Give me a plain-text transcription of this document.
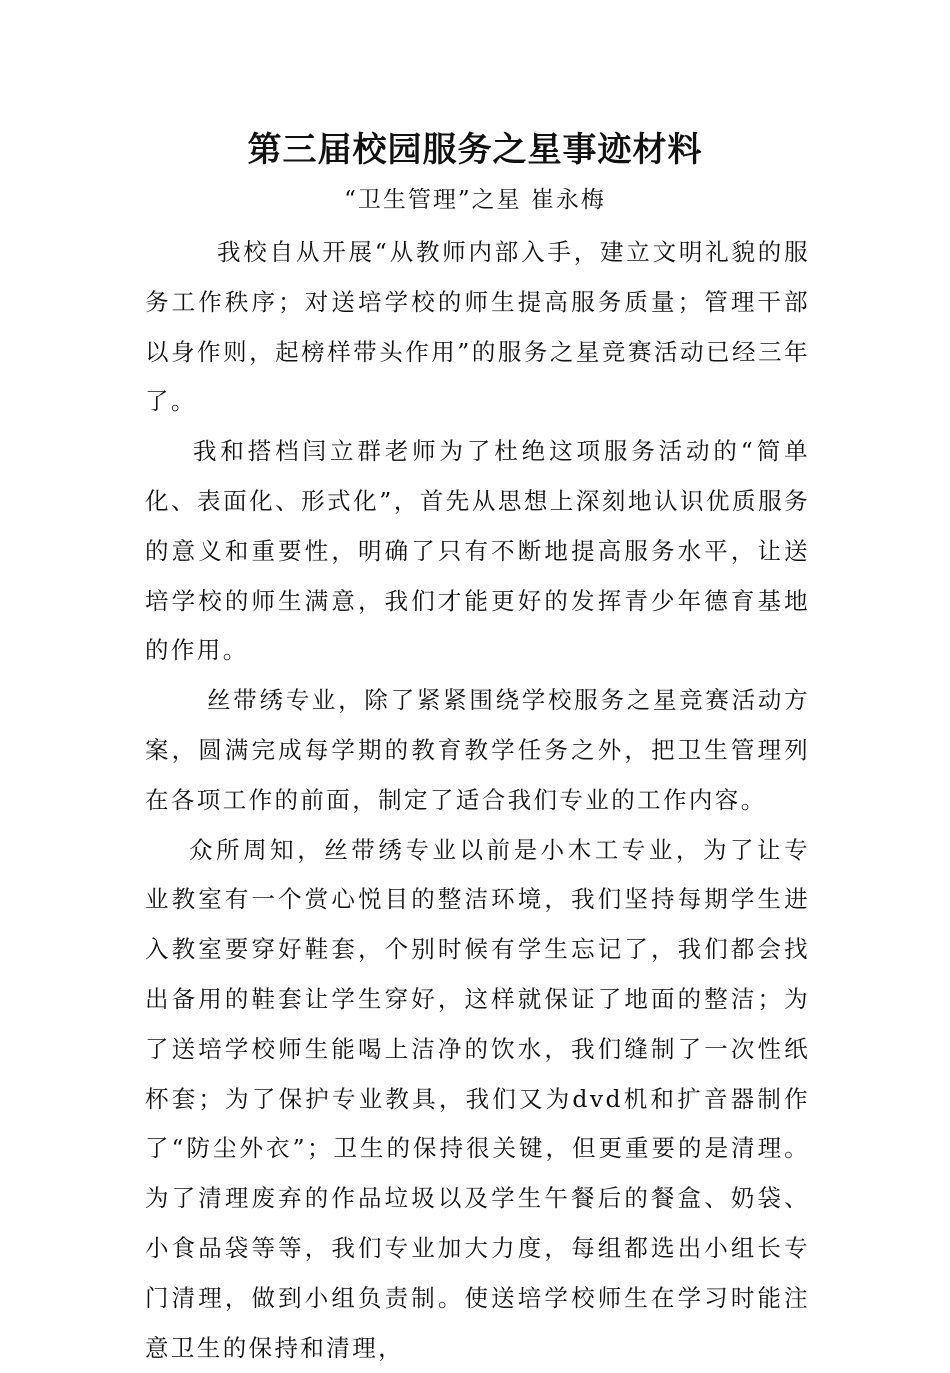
第三届校园服务之星事迹材料
“卫生管理”之星 崔永梅

我校自从开展“从教师内部入手，建立文明礼貌的服务工作秩序；对送培学校的师生提高服务质量；管理干部以身作则，起榜样带头作用”的服务之星竞赛活动已经三年了。

我和搭档闫立群老师为了杜绝这项服务活动的“简单化、表面化、形式化”，首先从思想上深刻地认识优质服务的意义和重要性，明确了只有不断地提高服务水平，让送培学校的师生满意，我们才能更好的发挥青少年德育基地的作用。

丝带绣专业，除了紧紧围绕学校服务之星竞赛活动方案，圆满完成每学期的教育教学任务之外，把卫生管理列在各项工作的前面，制定了适合我们专业的工作内容。

众所周知，丝带绣专业以前是小木工专业，为了让专业教室有一个赏心悦目的整洁环境，我们坚持每期学生进入教室要穿好鞋套，个别时候有学生忘记了，我们都会找出备用的鞋套让学生穿好，这样就保证了地面的整洁；为了送培学校师生能喝上洁净的饮水，我们缝制了一次性纸杯套；为了保护专业教具，我们又为dvd机和扩音器制作了“防尘外衣”；卫生的保持很关键，但更重要的是清理。为了清理废弃的作品垃圾以及学生午餐后的餐盒、奶袋、小食品袋等等，我们专业加大力度，每组都选出小组长专门清理，做到小组负责制。使送培学校师生在学习时能注意卫生的保持和清理，
